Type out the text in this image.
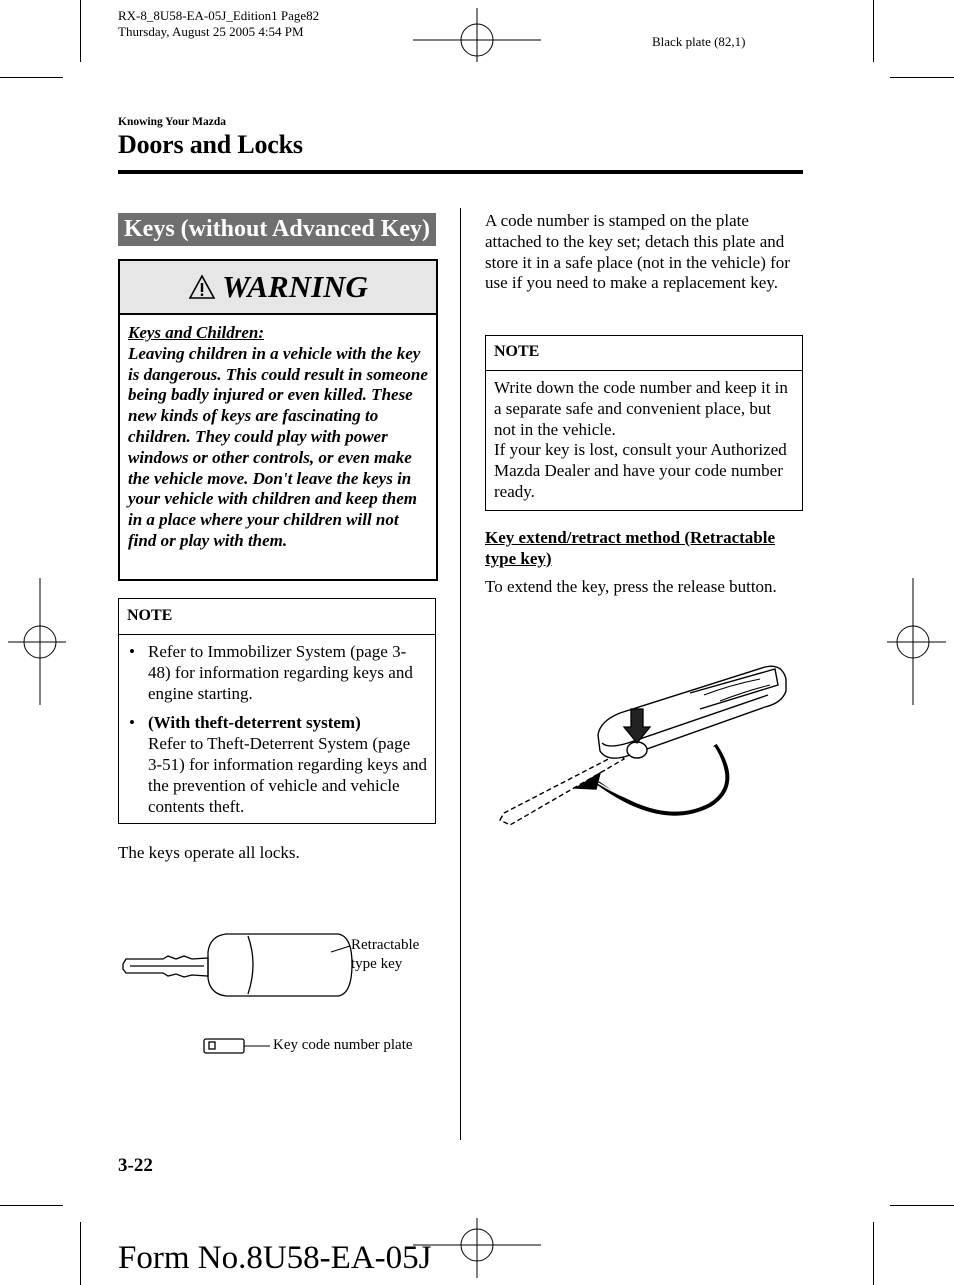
RX-8_8U58-EA-05J_Edition1 Page82
Thursday, August 25 2005 4:54 PM
Black plate (82,1)
Knowing Your Mazda
Doors and Locks
Keys (without Advanced Key)
WARNING
Keys and Children:
Leaving children in a vehicle with the key is dangerous. This could result in someone being badly injured or even killed. These new kinds of keys are fascinating to children. They could play with power windows or other controls, or even make the vehicle move. Don't leave the keys in your vehicle with children and keep them in a place where your children will not find or play with them.
NOTE
• Refer to Immobilizer System (page 3-48) for information regarding keys and engine starting.
• (With theft-deterrent system)
Refer to Theft-Deterrent System (page 3-51) for information regarding keys and the prevention of vehicle and vehicle contents theft.
The keys operate all locks.
Retractable type key
Key code number plate
A code number is stamped on the plate attached to the key set; detach this plate and store it in a safe place (not in the vehicle) for use if you need to make a replacement key.
NOTE
Write down the code number and keep it in a separate safe and convenient place, but not in the vehicle.
If your key is lost, consult your Authorized Mazda Dealer and have your code number ready.
Key extend/retract method (Retractable type key)
To extend the key, press the release button.
3-22
Form No.8U58-EA-05J
